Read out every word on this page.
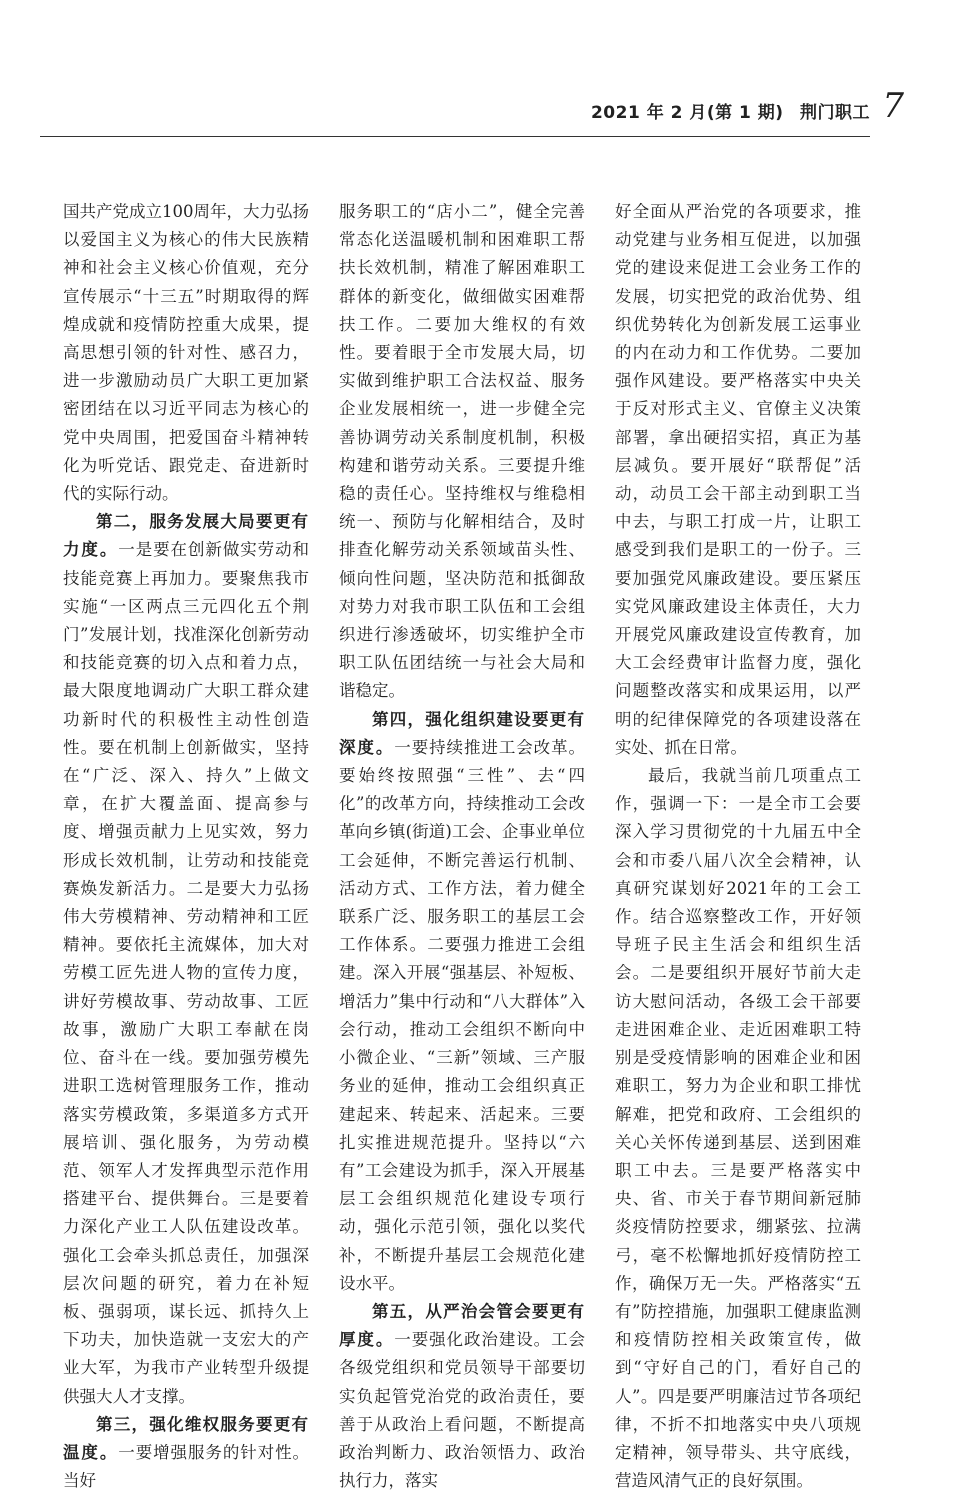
2021 年 2 月(第 1 期) 荆门职工 7

国共产党成立100周年，大力弘扬以爱国主义为核心的伟大民族精神和社会主义核心价值观，充分宣传展示“十三五”时期取得的辉煌成就和疫情防控重大成果，提高思想引领的针对性、感召力，进一步激励动员广大职工更加紧密团结在以习近平同志为核心的党中央周围，把爱国奋斗精神转化为听党话、跟党走、奋进新时代的实际行动。

第二，服务发展大局要更有力度。一是要在创新做实劳动和技能竞赛上再加力。要聚焦我市实施“一区两点三元四化五个荆门”发展计划，找准深化创新劳动和技能竞赛的切入点和着力点，最大限度地调动广大职工群众建功新时代的积极性主动性创造性。要在机制上创新做实，坚持在“广泛、深入、持久”上做文章，在扩大覆盖面、提高参与度、增强贡献力上见实效，努力形成长效机制，让劳动和技能竞赛焕发新活力。二是要大力弘扬伟大劳模精神、劳动精神和工匠精神。要依托主流媒体，加大对劳模工匠先进人物的宣传力度，讲好劳模故事、劳动故事、工匠故事，激励广大职工奉献在岗位、奋斗在一线。要加强劳模先进职工选树管理服务工作，推动落实劳模政策，多渠道多方式开展培训、强化服务，为劳动模范、领军人才发挥典型示范作用搭建平台、提供舞台。三是要着力深化产业工人队伍建设改革。强化工会牵头抓总责任，加强深层次问题的研究，着力在补短板、强弱项，谋长远、抓持久上下功夫，加快造就一支宏大的产业大军，为我市产业转型升级提供强大人才支撑。

第三，强化维权服务要更有温度。一要增强服务的针对性。当好

服务职工的“店小二”，健全完善常态化送温暖机制和困难职工帮扶长效机制，精准了解困难职工群体的新变化，做细做实困难帮扶工作。二要加大维权的有效性。要着眼于全市发展大局，切实做到维护职工合法权益、服务企业发展相统一，进一步健全完善协调劳动关系制度机制，积极构建和谐劳动关系。三要提升维稳的责任心。坚持维权与维稳相统一、预防与化解相结合，及时排查化解劳动关系领域苗头性、倾向性问题，坚决防范和抵御敌对势力对我市职工队伍和工会组织进行渗透破坏，切实维护全市职工队伍团结统一与社会大局和谐稳定。

第四，强化组织建设要更有深度。一要持续推进工会改革。要始终按照强“三性”、去“四化”的改革方向，持续推动工会改革向乡镇(街道)工会、企事业单位工会延伸，不断完善运行机制、活动方式、工作方法，着力健全联系广泛、服务职工的基层工会工作体系。二要强力推进工会组建。深入开展“强基层、补短板、增活力”集中行动和“八大群体”入会行动，推动工会组织不断向中小微企业、“三新”领域、三产服务业的延伸，推动工会组织真正建起来、转起来、活起来。三要扎实推进规范提升。坚持以“六有”工会建设为抓手，深入开展基层工会组织规范化建设专项行动，强化示范引领，强化以奖代补，不断提升基层工会规范化建设水平。

第五，从严治会管会要更有厚度。一要强化政治建设。工会各级党组织和党员领导干部要切实负起管党治党的政治责任，要善于从政治上看问题，不断提高政治判断力、政治领悟力、政治执行力，落实

好全面从严治党的各项要求，推动党建与业务相互促进，以加强党的建设来促进工会业务工作的发展，切实把党的政治优势、组织优势转化为创新发展工运事业的内在动力和工作优势。二要加强作风建设。要严格落实中央关于反对形式主义、官僚主义决策部署，拿出硬招实招，真正为基层减负。要开展好“联帮促”活动，动员工会干部主动到职工当中去，与职工打成一片，让职工感受到我们是职工的一份子。三要加强党风廉政建设。要压紧压实党风廉政建设主体责任，大力开展党风廉政建设宣传教育，加大工会经费审计监督力度，强化问题整改落实和成果运用，以严明的纪律保障党的各项建设落在实处、抓在日常。

最后，我就当前几项重点工作，强调一下：一是全市工会要深入学习贯彻党的十九届五中全会和市委八届八次全会精神，认真研究谋划好2021年的工会工作。结合巡察整改工作，开好领导班子民主生活会和组织生活会。二是要组织开展好节前大走访大慰问活动，各级工会干部要走进困难企业、走近困难职工特别是受疫情影响的困难企业和困难职工，努力为企业和职工排忧解难，把党和政府、工会组织的关心关怀传递到基层、送到困难职工中去。三是要严格落实中央、省、市关于春节期间新冠肺炎疫情防控要求，绷紧弦、拉满弓，毫不松懈地抓好疫情防控工作，确保万无一失。严格落实“五有”防控措施，加强职工健康监测和疫情防控相关政策宣传，做到“守好自己的门，看好自己的人”。四是要严明廉洁过节各项纪律，不折不扣地落实中央八项规定精神，领导带头、共守底线，营造风清气正的良好氛围。
